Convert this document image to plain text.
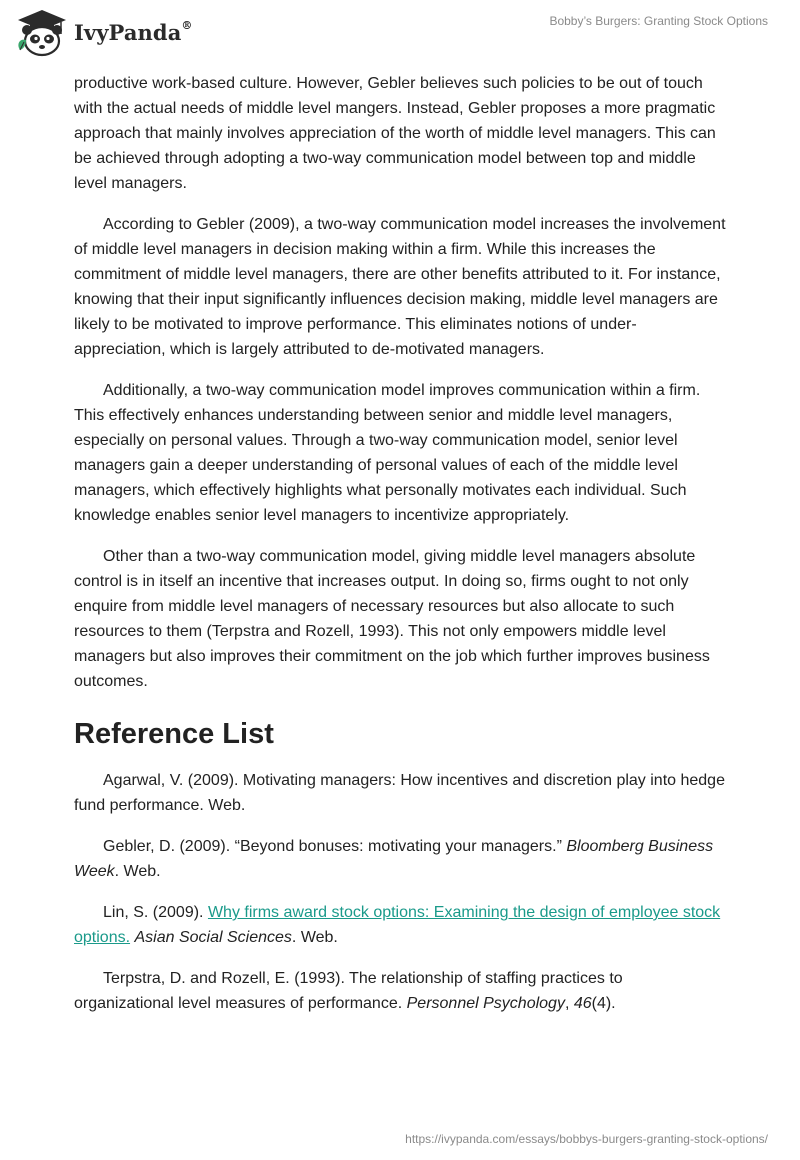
IvyPanda®	Bobby’s Burgers: Granting Stock Options

productive work-based culture. However, Gebler believes such policies to be out of touch with the actual needs of middle level mangers. Instead, Gebler proposes a more pragmatic approach that mainly involves appreciation of the worth of middle level managers. This can be achieved through adopting a two-way communication model between top and middle level managers.

According to Gebler (2009), a two-way communication model increases the involvement of middle level managers in decision making within a firm. While this increases the commitment of middle level managers, there are other benefits attributed to it. For instance, knowing that their input significantly influences decision making, middle level managers are likely to be motivated to improve performance. This eliminates notions of under-appreciation, which is largely attributed to de-motivated managers.

Additionally, a two-way communication model improves communication within a firm. This effectively enhances understanding between senior and middle level managers, especially on personal values. Through a two-way communication model, senior level managers gain a deeper understanding of personal values of each of the middle level managers, which effectively highlights what personally motivates each individual. Such knowledge enables senior level managers to incentivize appropriately.

Other than a two-way communication model, giving middle level managers absolute control is in itself an incentive that increases output. In doing so, firms ought to not only enquire from middle level managers of necessary resources but also allocate to such resources to them (Terpstra and Rozell, 1993). This not only empowers middle level managers but also improves their commitment on the job which further improves business outcomes.

Reference List

Agarwal, V. (2009). Motivating managers: How incentives and discretion play into hedge fund performance. Web.

Gebler, D. (2009). “Beyond bonuses: motivating your managers.” Bloomberg Business Week. Web.

Lin, S. (2009). Why firms award stock options: Examining the design of employee stock options. Asian Social Sciences. Web.

Terpstra, D. and Rozell, E. (1993). The relationship of staffing practices to organizational level measures of performance. Personnel Psychology, 46(4).

https://ivypanda.com/essays/bobbys-burgers-granting-stock-options/
